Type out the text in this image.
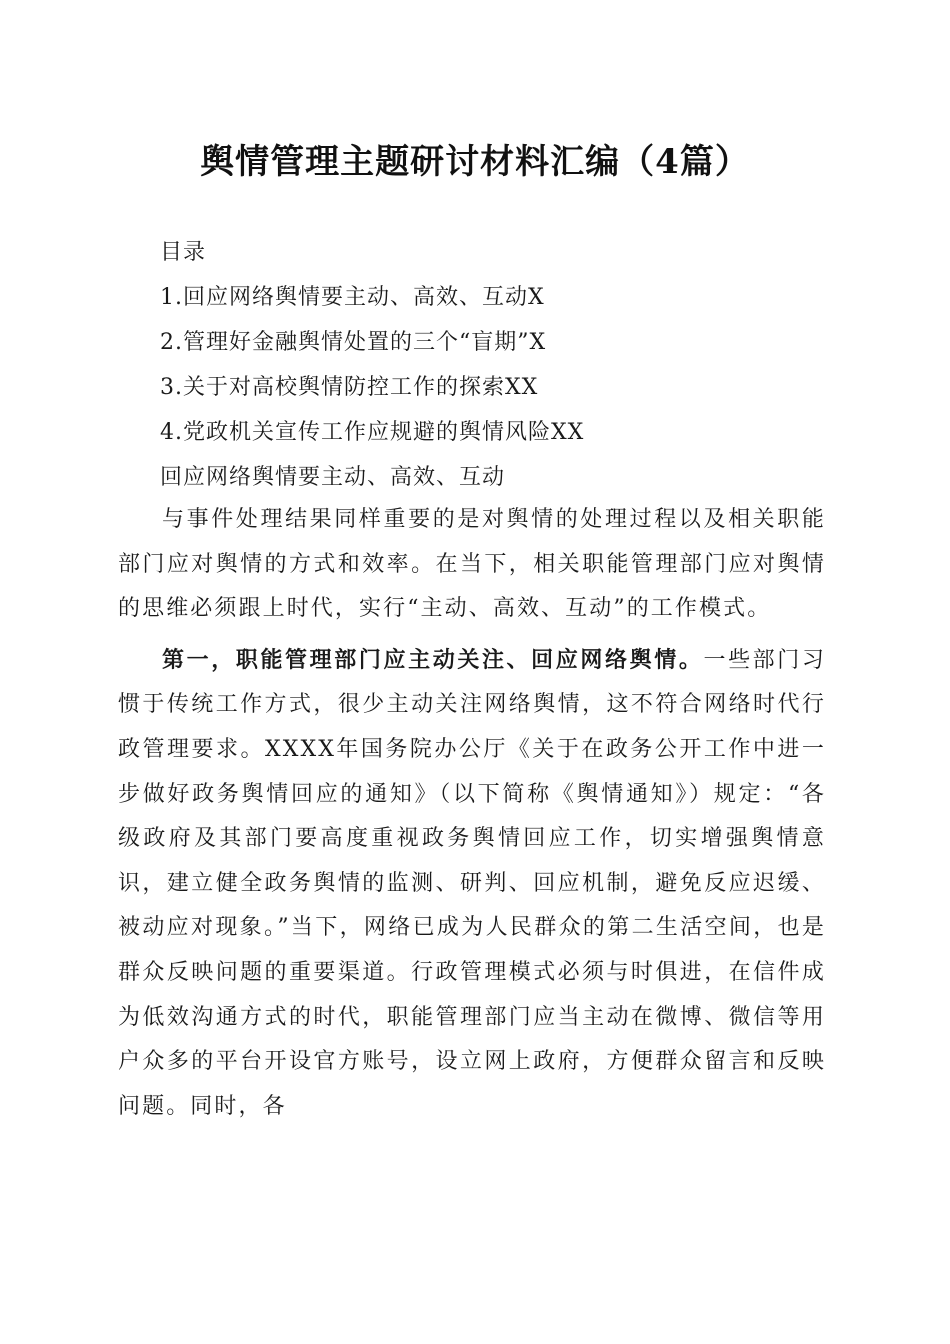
舆情管理主题研讨材料汇编（4篇）
目录
1.回应网络舆情要主动、高效、互动X
2.管理好金融舆情处置的三个“盲期”X
3.关于对高校舆情防控工作的探索XX
4.党政机关宣传工作应规避的舆情风险XX
回应网络舆情要主动、高效、互动

与事件处理结果同样重要的是对舆情的处理过程以及相关职能部门应对舆情的方式和效率。在当下，相关职能管理部门应对舆情的思维必须跟上时代，实行“主动、高效、互动”的工作模式。

第一，职能管理部门应主动关注、回应网络舆情。一些部门习惯于传统工作方式，很少主动关注网络舆情，这不符合网络时代行政管理要求。XXXX年国务院办公厅《关于在政务公开工作中进一步做好政务舆情回应的通知》（以下简称《舆情通知》）规定：“各级政府及其部门要高度重视政务舆情回应工作，切实增强舆情意识，建立健全政务舆情的监测、研判、回应机制，避免反应迟缓、被动应对现象。”当下，网络已成为人民群众的第二生活空间，也是群众反映问题的重要渠道。行政管理模式必须与时俱进，在信件成为低效沟通方式的时代，职能管理部门应当主动在微博、微信等用户众多的平台开设官方账号，设立网上政府，方便群众留言和反映问题。同时，各
